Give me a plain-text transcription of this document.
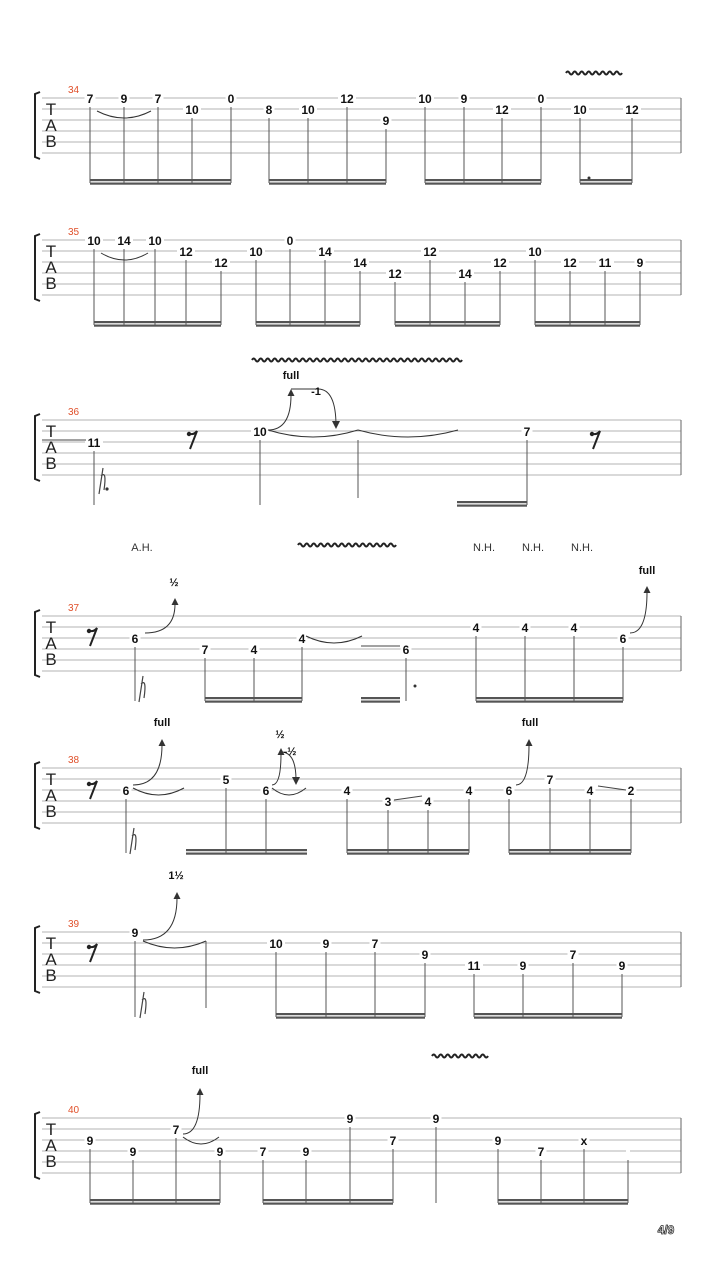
T
A
B
34
7 9 7
10
0
8 10
12
9
10 9
12
0
10	12
T
A
B
35
10 14 10
12
12
10
0
14
14
12
12
14
12
10
12 11 9
T
A
B
36
11
10	7
T
A
B
37
6
7	4
4
6
4	4	4
6
T
A
B
38
6
5
6	4
3	4
4	6
7
4	2
T
A
B
39
9
10	9	7
9
11	9
7
9
T
A
B
40
9
9
7
9	7	9
9
7
9
9
7
x
full
-1
A.H.	N.H. N.H. N.H.
½
full
full
½
-½
full
1½
full
4/9
